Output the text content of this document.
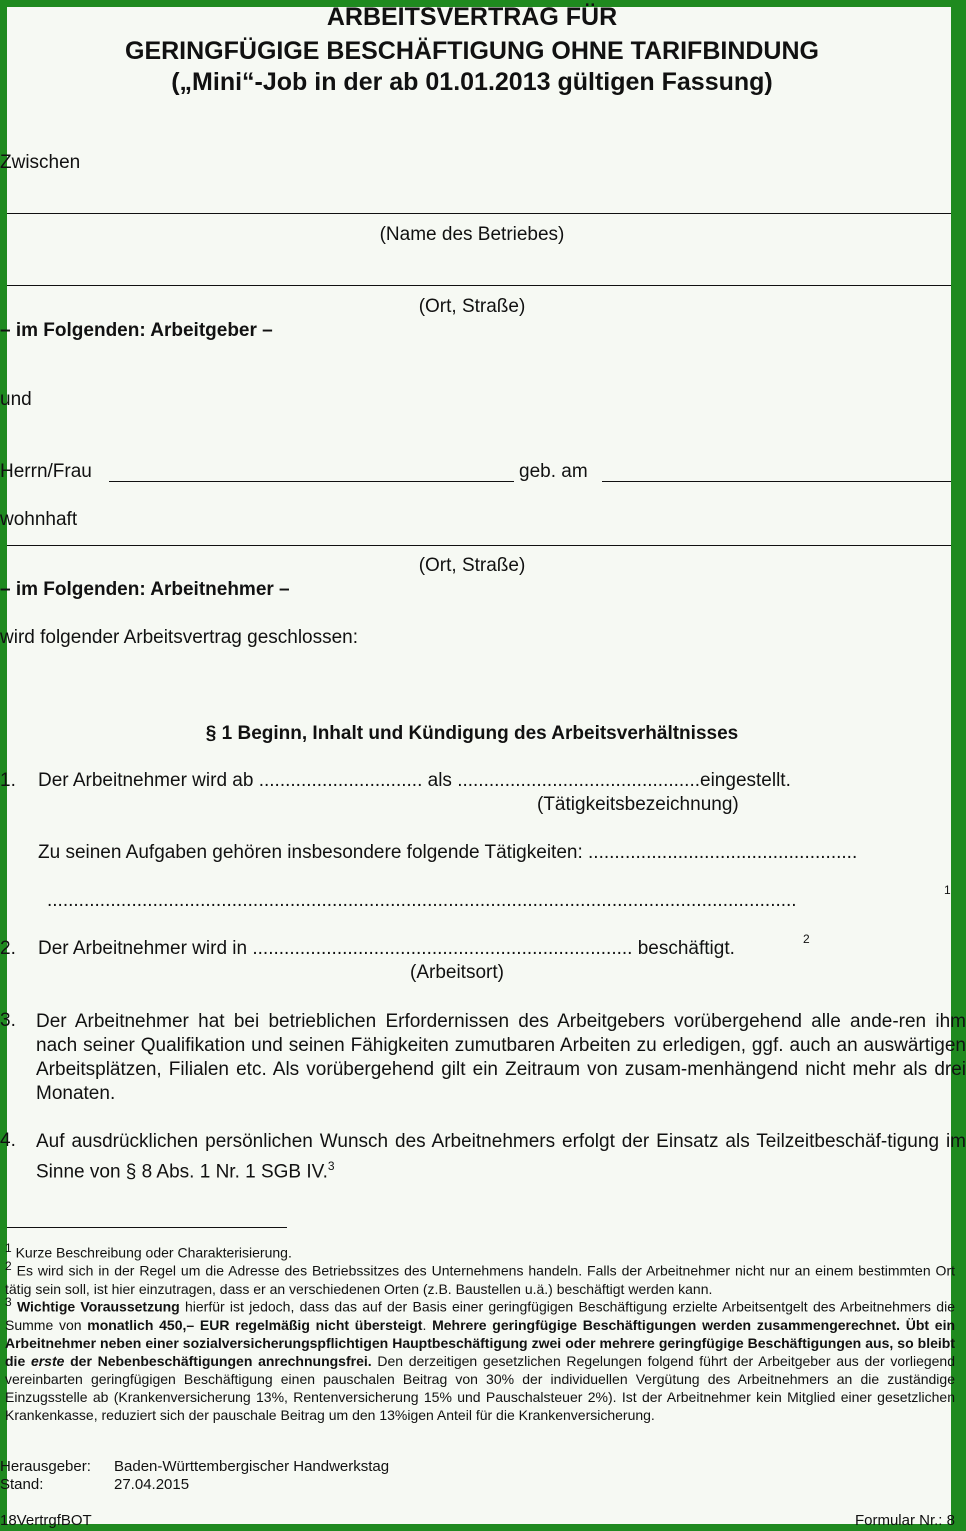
ARBEITSVERTRAG FÜR
GERINGFÜGIGE BESCHÄFTIGUNG OHNE TARIFBINDUNG
(„Mini“-Job in der ab 01.01.2013 gültigen Fassung)
Zwischen
(Name des Betriebes)
(Ort, Straße)
– im Folgenden: Arbeitgeber –
und
Herrn/Frau	geb. am
wohnhaft
(Ort, Straße)
– im Folgenden: Arbeitnehmer –
wird folgender Arbeitsvertrag geschlossen:
§ 1 Beginn, Inhalt und Kündigung des Arbeitsverhältnisses
1. Der Arbeitnehmer wird ab ............................... als ..............................................eingestellt.
(Tätigkeitsbezeichnung)
Zu seinen Aufgaben gehören insbesondere folgende Tätigkeiten: ...................................................
..............................................................................................................................................	1
2. Der Arbeitnehmer wird in ........................................................................ beschäftigt.	2
(Arbeitsort)
3. Der Arbeitnehmer hat bei betrieblichen Erfordernissen des Arbeitgebers vorübergehend alle ande-ren ihm nach seiner Qualifikation und seinen Fähigkeiten zumutbaren Arbeiten zu erledigen, ggf. auch an auswärtigen Arbeitsplätzen, Filialen etc. Als vorübergehend gilt ein Zeitraum von zusam-menhängend nicht mehr als drei Monaten.
4. Auf ausdrücklichen persönlichen Wunsch des Arbeitnehmers erfolgt der Einsatz als Teilzeitbeschäf-tigung im Sinne von § 8 Abs. 1 Nr. 1 SGB IV.$^3$
$^1$ Kurze Beschreibung oder Charakterisierung.
$^2$ Es wird sich in der Regel um die Adresse des Betriebssitzes des Unternehmens handeln. Falls der Arbeitnehmer nicht nur an einem bestimmten Ort tätig sein soll, ist hier einzutragen, dass er an verschiedenen Orten (z.B. Baustellen u.ä.) beschäftigt werden kann.
$^3$ Wichtige Voraussetzung hierfür ist jedoch, dass das auf der Basis einer geringfügigen Beschäftigung erzielte Arbeitsentgelt des Arbeitnehmers die Summe von monatlich 450,– EUR regelmäßig nicht übersteigt. Mehrere geringfügige Beschäftigungen werden zusammengerechnet. Übt ein Arbeitnehmer neben einer sozialversicherungspflichtigen Hauptbeschäftigung zwei oder mehrere geringfügige Beschäftigungen aus, so bleibt die erste der Nebenbeschäftigungen anrechnungsfrei. Den derzeitigen gesetzlichen Regelungen folgend führt der Arbeitgeber aus der vorliegend vereinbarten geringfügigen Beschäftigung einen pauschalen Beitrag von 30% der individuellen Vergütung des Arbeitnehmers an die zuständige Einzugsstelle ab (Krankenversicherung 13%, Rentenversicherung 15% und Pauschalsteuer 2%). Ist der Arbeitnehmer kein Mitglied einer gesetzlichen Krankenkasse, reduziert sich der pauschale Beitrag um den 13%igen Anteil für die Krankenversicherung.
Herausgeber: Baden-Württembergischer Handwerkstag
Stand:	27.04.2015
18VertrgfBOT	Formular Nr.: 8
